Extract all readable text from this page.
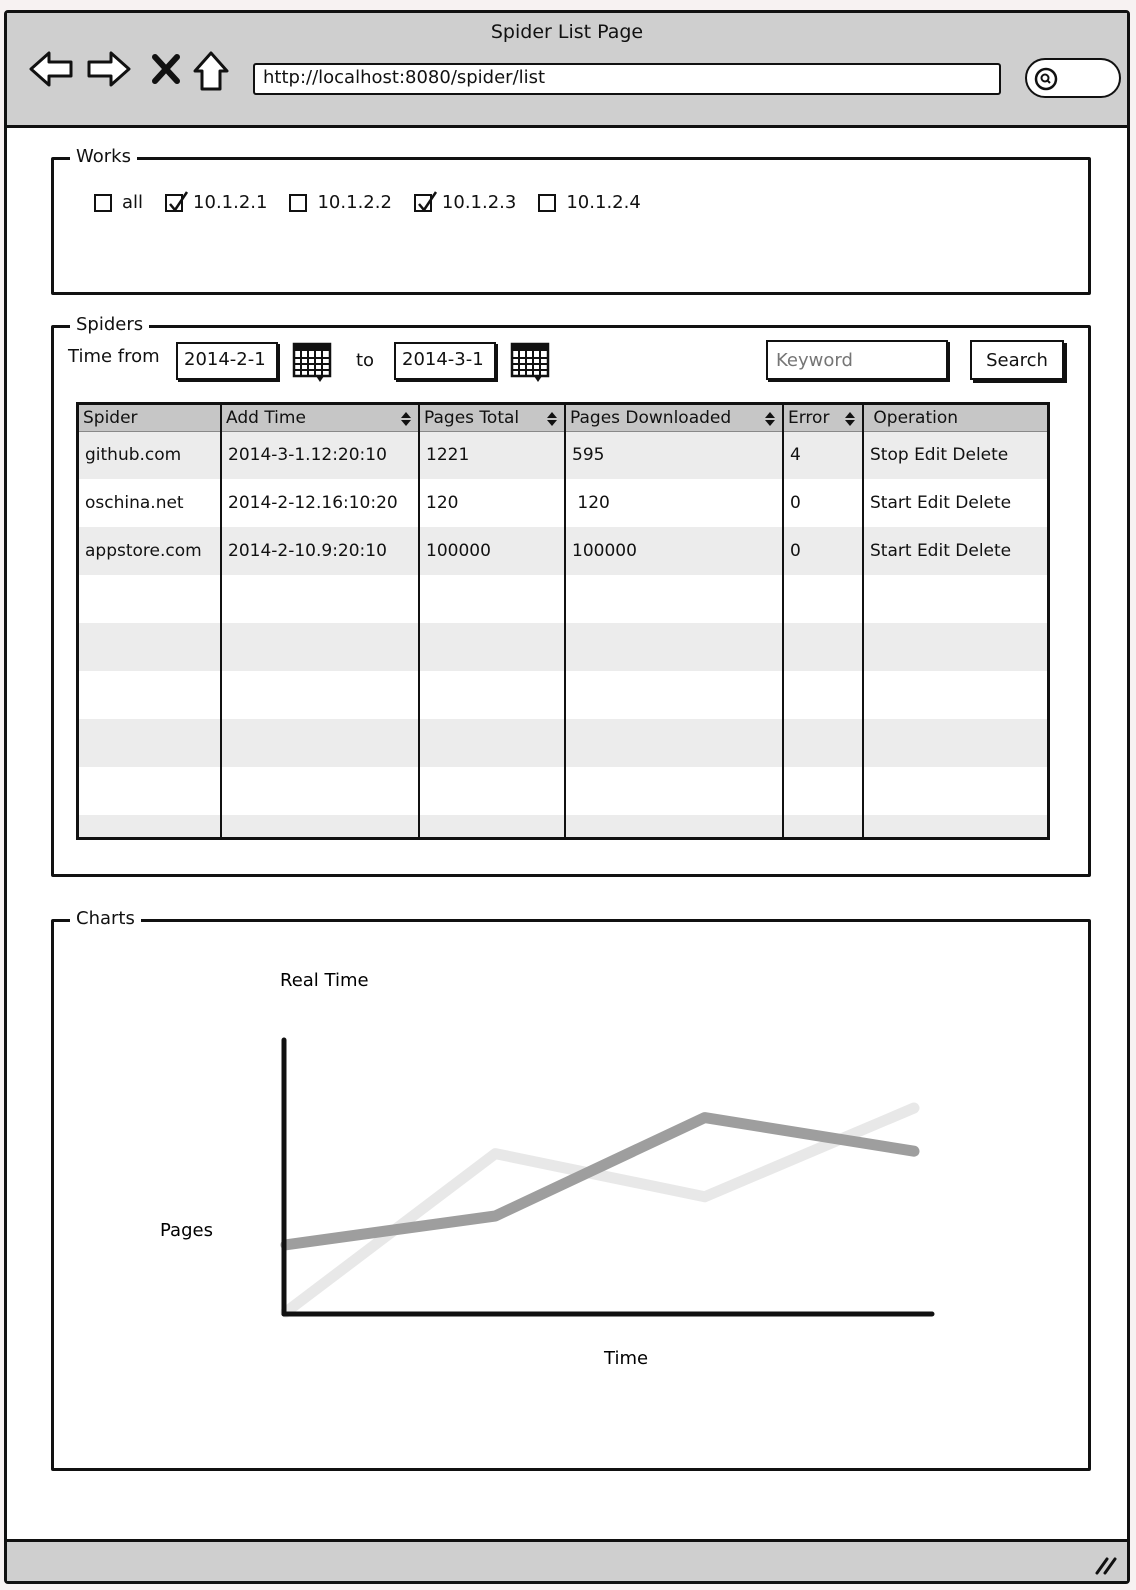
Spider List Page
http://localhost:8080/spider/list
Works
all	10.1.2.1	10.1.2.2	10.1.2.3	10.1.2.4
Spiders
Time from	2014-2-1	to	2014-3-1
Keyword	Search
Spider	Add Time	Pages Total	Pages Downloaded	Error	Operation
github.com	2014-3-1.12:20:10	1221	595	4	Stop Edit Delete
oschina.net	2014-2-12.16:10:20	120	120	0	Start Edit Delete
appstore.com	2014-2-10.9:20:10	100000	100000	0	Start Edit Delete

Charts
Real Time
Pages
Time
